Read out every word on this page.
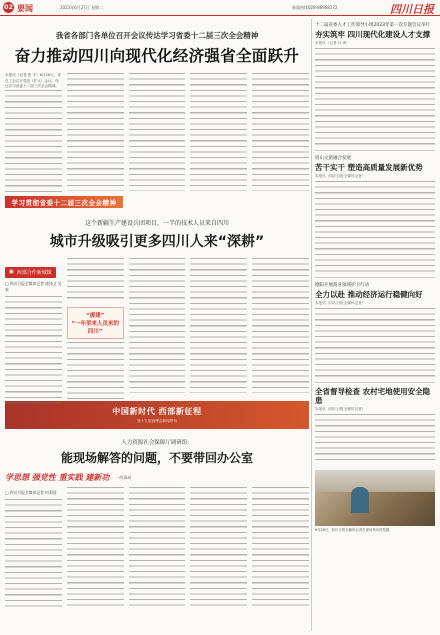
02 要闻	2023年6月27日 星期二	新闻热线028-86968172	四川日报
我省各部门各单位召开会议传达学习省委十二届三次全会精神
奋力推动四川向现代化经济强省全面跃升
本报讯（记者 张 宇）6月26日，省总工会召开党组（扩大）会议，传达学习省委十二届三次全会精神。
学习贯彻省委十二届三次全会精神
这个新疆生产建设兵团项目，一半的技术人员来自四川
城市升级吸引更多四川人来“深耕”
▣ 西部合作新城镇
□ 四川日报全媒体记者 唐泽文 吴家
“援建”
“一年里来人员来的四川”
中国新时代 西部新征程
第十九届西博会新闻特刊
人力资源社会保障厅调研组：
能现场解答的问题，不要带回办公室
学思想 强党性 重实践 建新功 一线调研
□ 四川日报全媒体记者 何莉蓉
十二届省委人才工作领导小组2023年第一次专题会议举行
夯实筑牢 四川现代化建设人才支撑
本报讯（记者 付 琦）
眉山文旅融合发展
苦干实干 塑造高质量发展新优势
本报讯（四川日报全媒体记者）
德阳开展商业领域护卫行动
全力以赴 推动经济运行稳健向好
本报讯（四川日报全媒体记者）
全省督导检查 农村宅地使用安全隐患
本报讯（四川日报全媒体记者）
6月26日，四川日报全媒体记者在现场采访时拍摄。
